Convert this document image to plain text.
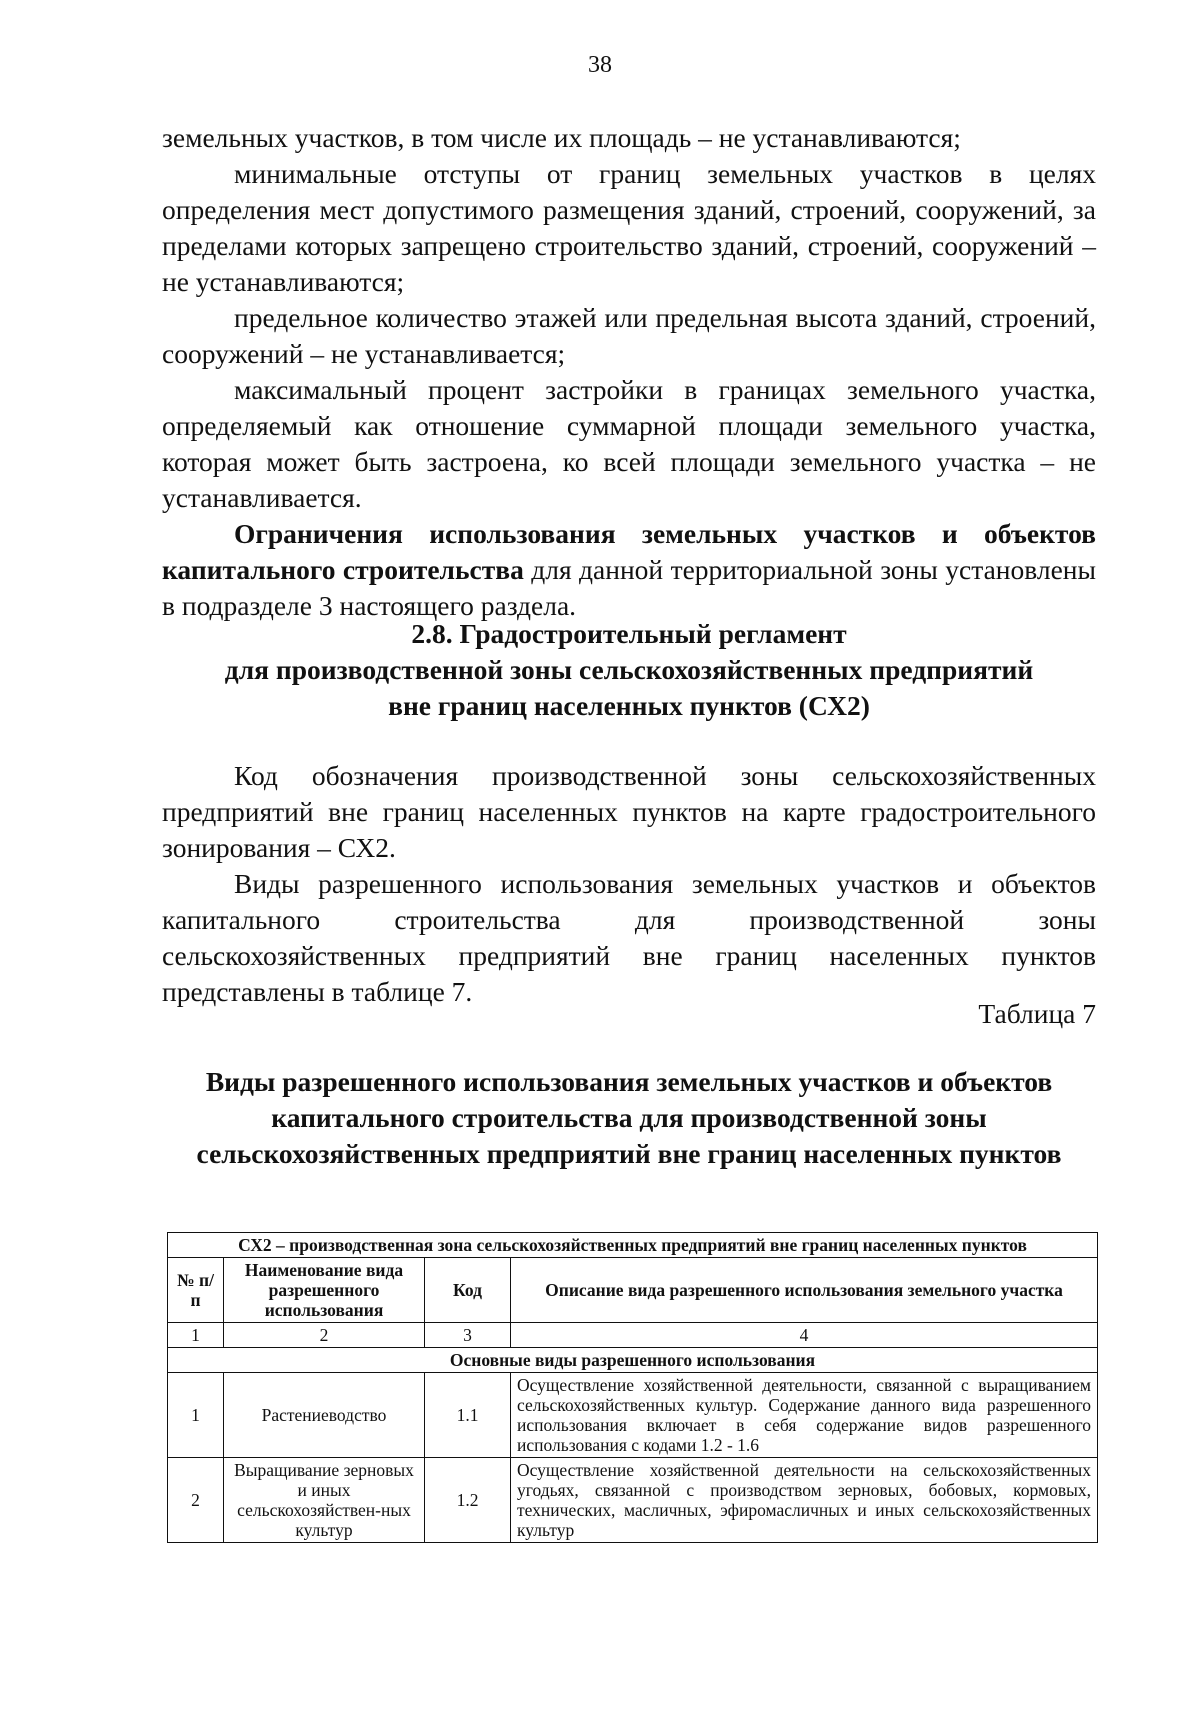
38

земельных участков, в том числе их площадь – не устанавливаются;

минимальные отступы от границ земельных участков в целях определения мест допустимого размещения зданий, строений, сооружений, за пределами которых запрещено строительство зданий, строений, сооружений – не устанавливаются;

предельное количество этажей или предельная высота зданий, строений, сооружений – не устанавливается;

максимальный процент застройки в границах земельного участка, определяемый как отношение суммарной площади земельного участка, которая может быть застроена, ко всей площади земельного участка – не устанавливается.

Ограничения использования земельных участков и объектов капитального строительства для данной территориальной зоны установлены в подразделе 3 настоящего раздела.

2.8. Градостроительный регламент
для производственной зоны сельскохозяйственных предприятий
вне границ населенных пунктов (СХ2)

Код обозначения производственной зоны сельскохозяйственных предприятий вне границ населенных пунктов на карте градостроительного зонирования – СХ2.

Виды разрешенного использования земельных участков и объектов капитального строительства для производственной зоны сельскохозяйственных предприятий вне границ населенных пунктов представлены в таблице 7.

Таблица 7
Виды разрешенного использования земельных участков и объектов
капитального строительства для производственной зоны
сельскохозяйственных предприятий вне границ населенных пунктов
СХ2 – производственная зона сельскохозяйственных предприятий вне границ населенных пунктов			
№ п/п	Наименование вида разрешенного использования	Код	Описание вида разрешенного использования земельного участка
1	2	3	4
Основные виды разрешенного использования			
1	Растениеводство	1.1	Осуществление хозяйственной деятельности, связанной с выращиванием сельскохозяйственных культур. Содержание данного вида разрешенного использования включает в себя содержание видов разрешенного использования с кодами 1.2 - 1.6
2	Выращивание зерновых и иных сельскохозяйствен-ных культур	1.2	Осуществление хозяйственной деятельности на сельскохозяйственных угодьях, связанной с производством зерновых, бобовых, кормовых, технических, масличных, эфиромасличных и иных сельскохозяйственных культур
